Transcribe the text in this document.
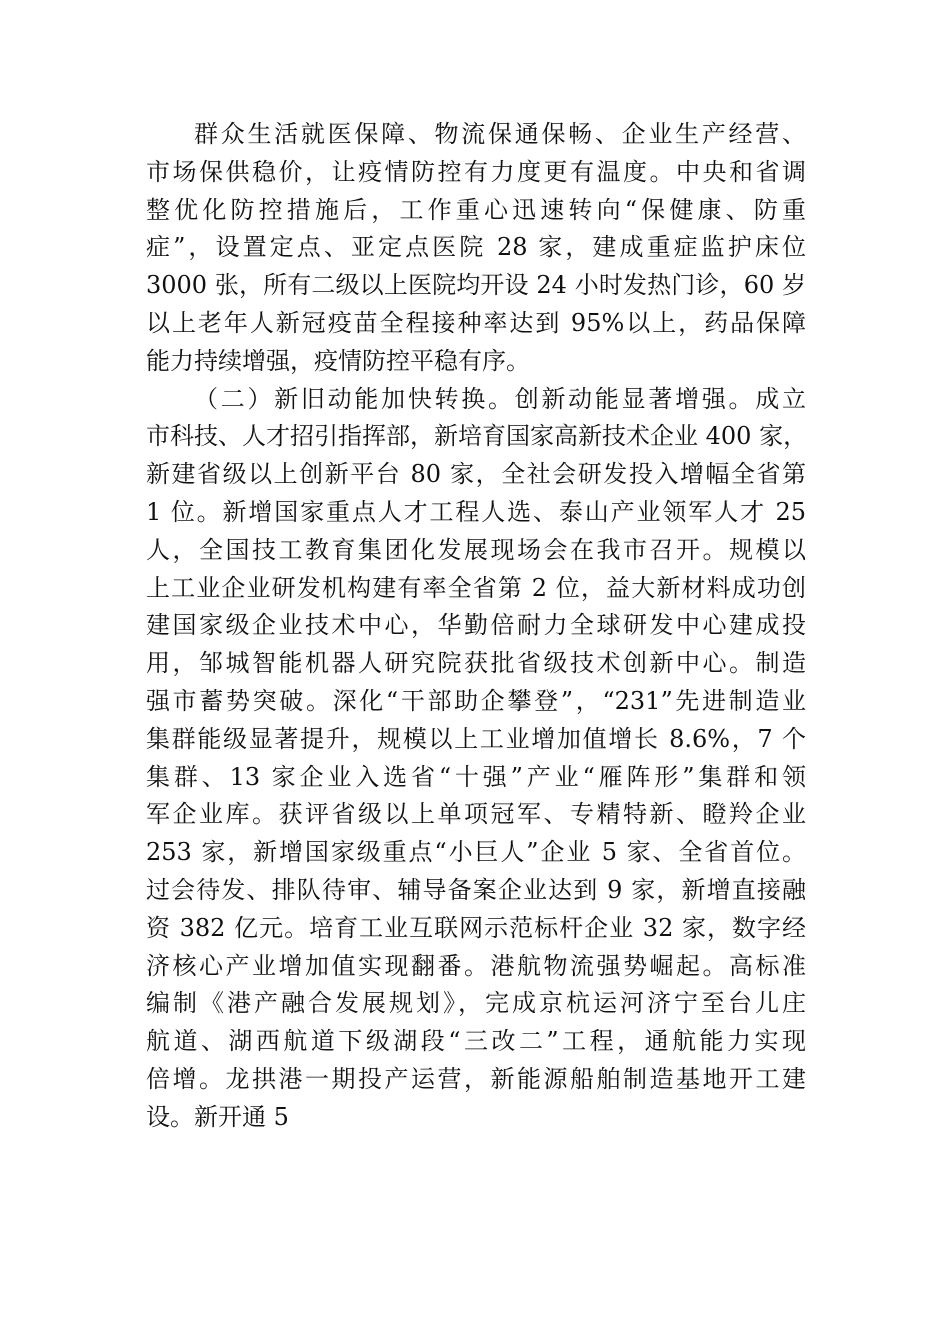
群众生活就医保障、物流保通保畅、企业生产经营、
市场保供稳价，让疫情防控有力度更有温度。中央和省调
整优化防控措施后，工作重心迅速转向“保健康、防重
症”，设置定点、亚定点医院 28 家，建成重症监护床位
3000 张，所有二级以上医院均开设 24 小时发热门诊，60 岁
以上老年人新冠疫苗全程接种率达到 95%以上，药品保障
能力持续增强，疫情防控平稳有序。
（二）新旧动能加快转换。创新动能显著增强。成立
市科技、人才招引指挥部，新培育国家高新技术企业 400 家，
新建省级以上创新平台 80 家，全社会研发投入增幅全省第
1 位。新增国家重点人才工程人选、泰山产业领军人才 25
人，全国技工教育集团化发展现场会在我市召开。规模以
上工业企业研发机构建有率全省第 2 位，益大新材料成功创
建国家级企业技术中心，华勤倍耐力全球研发中心建成投
用，邹城智能机器人研究院获批省级技术创新中心。制造
强市蓄势突破。深化“干部助企攀登”，“231”先进制造业
集群能级显著提升，规模以上工业增加值增长 8.6%，7 个
集群、13 家企业入选省“十强”产业“雁阵形”集群和领
军企业库。获评省级以上单项冠军、专精特新、瞪羚企业
253 家，新增国家级重点“小巨人”企业 5 家、全省首位。
过会待发、排队待审、辅导备案企业达到 9 家，新增直接融
资 382 亿元。培育工业互联网示范标杆企业 32 家，数字经
济核心产业增加值实现翻番。港航物流强势崛起。高标准
编制《港产融合发展规划》，完成京杭运河济宁至台儿庄
航道、湖西航道下级湖段“三改二”工程，通航能力实现
倍增。龙拱港一期投产运营，新能源船舶制造基地开工建
设。新开通 5
